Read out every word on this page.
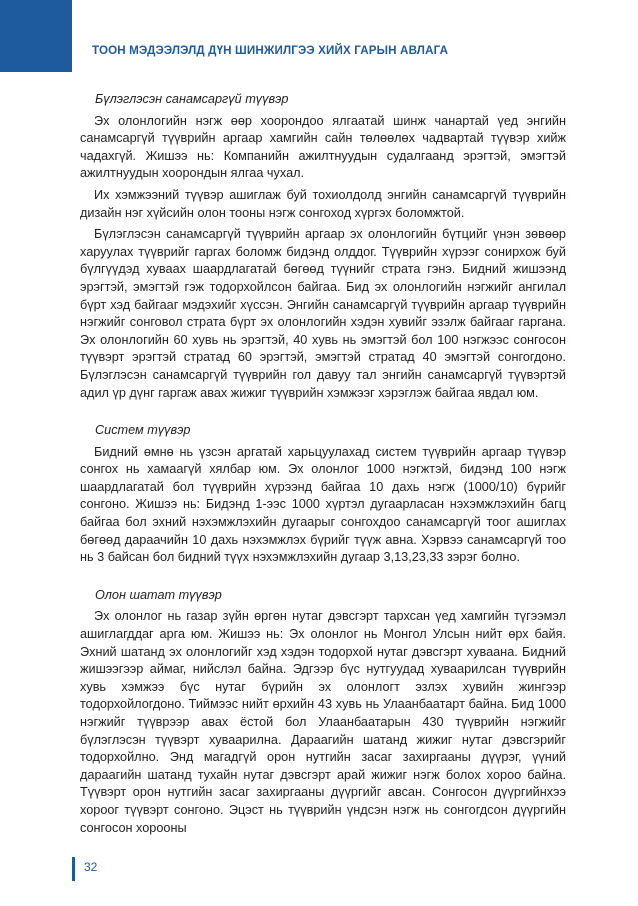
ТООН МЭДЭЭЛЭЛД ДҮН ШИНЖИЛГЭЭ ХИЙХ ГАРЫН АВЛАГА

Бүлэглэсэн санамсаргүй түүвэр

Эх олонлогийн нэгж өөр хоорондоо ялгаатай шинж чанартай үед энгийн санамсаргүй түүврийн аргаар хамгийн сайн төлөөлөх чадвартай түүвэр хийж чадахгүй. Жишээ нь: Компанийн ажилтнуудын судалгаанд эрэгтэй, эмэгтэй ажилтнуудын хоорондын ялгаа чухал.

Их хэмжээний түүвэр ашиглаж буй тохиолдолд энгийн санамсаргүй түүврийн дизайн нэг хүйсийн олон тооны нэгж сонгоход хүргэх боломжтой.

Бүлэглэсэн санамсаргүй түүврийн аргаар эх олонлогийн бүтцийг үнэн зөвөөр харуулах түүврийг гаргах боломж бидэнд олддог. Түүврийн хүрээг сонирхож буй бүлгүүдэд хуваах шаардлагатай бөгөөд түүнийг страта гэнэ. Бидний жишээнд эрэгтэй, эмэгтэй гэж тодорхойлсон байгаа. Бид эх олонлогийн нэгжийг ангилал бүрт хэд байгааг мэдэхийг хүссэн. Энгийн санамсаргүй түүврийн аргаар түүврийн нэгжийг сонговол страта бүрт эх олонлогийн хэдэн хувийг эзэлж байгааг гаргана. Эх олонлогийн 60 хувь нь эрэгтэй, 40 хувь нь эмэгтэй бол 100 нэгжээс сонгосон түүвэрт эрэгтэй стратад 60 эрэгтэй, эмэгтэй стратад 40 эмэгтэй сонгогдоно. Бүлэглэсэн санамсаргүй түүврийн гол давуу тал энгийн санамсаргүй түүвэртэй адил үр дүнг гаргаж авах жижиг түүврийн хэмжээг хэрэглэж байгаа явдал юм.

Систем түүвэр

Бидний өмнө нь үзсэн аргатай харьцуулахад систем түүврийн аргаар түүвэр сонгох нь хамаагүй хялбар юм. Эх олонлог 1000 нэгжтэй, бидэнд 100 нэгж шаардлагатай бол түүврийн хүрээнд байгаа 10 дахь нэгж (1000/10) бүрийг сонгоно. Жишээ нь: Бидэнд 1-ээс 1000 хүртэл дугаарласан нэхэмжлэхийн багц байгаа бол эхний нэхэмжлэхийн дугаарыг сонгохдоо санамсаргүй тоог ашиглах бөгөөд дараачийн 10 дахь нэхэмжлэх бүрийг түүж авна. Хэрвээ санамсаргүй тоо нь 3 байсан бол бидний түүх нэхэмжлэхийн дугаар 3,13,23,33 зэрэг болно.

Олон шатат түүвэр

Эх олонлог нь газар зүйн өргөн нутаг дэвсгэрт тархсан үед хамгийн түгээмэл ашиглагддаг арга юм. Жишээ нь: Эх олонлог нь Монгол Улсын нийт өрх байя. Эхний шатанд эх олонлогийг хэд хэдэн тодорхой нутаг дэвсгэрт хуваана. Бидний жишээгээр аймаг, нийслэл байна. Эдгээр бүс нутгуудад хуваарилсан түүврийн хувь хэмжээ бүс нутаг бүрийн эх олонлогт эзлэх хувийн жингээр тодорхойлогдоно. Тиймээс нийт өрхийн 43 хувь нь Улаанбаатарт байна. Бид 1000 нэгжийг түүврээр авах ёстой бол Улаанбаатарын 430 түүврийн нэгжийг бүлэглэсэн түүвэрт хуваарилна. Дараагийн шатанд жижиг нутаг дэвсгэрийг тодорхойлно. Энд магадгүй орон нутгийн засаг захиргааны дүүрэг, үүний дараагийн шатанд тухайн нутаг дэвсгэрт арай жижиг нэгж болох хороо байна. Түүвэрт орон нутгийн засаг захиргааны дүүргийг авсан. Сонгосон дүүргийнхээ хороог түүвэрт сонгоно. Эцэст нь түүврийн үндсэн нэгж нь сонгогдсон дүүргийн сонгосон хорооны

32
